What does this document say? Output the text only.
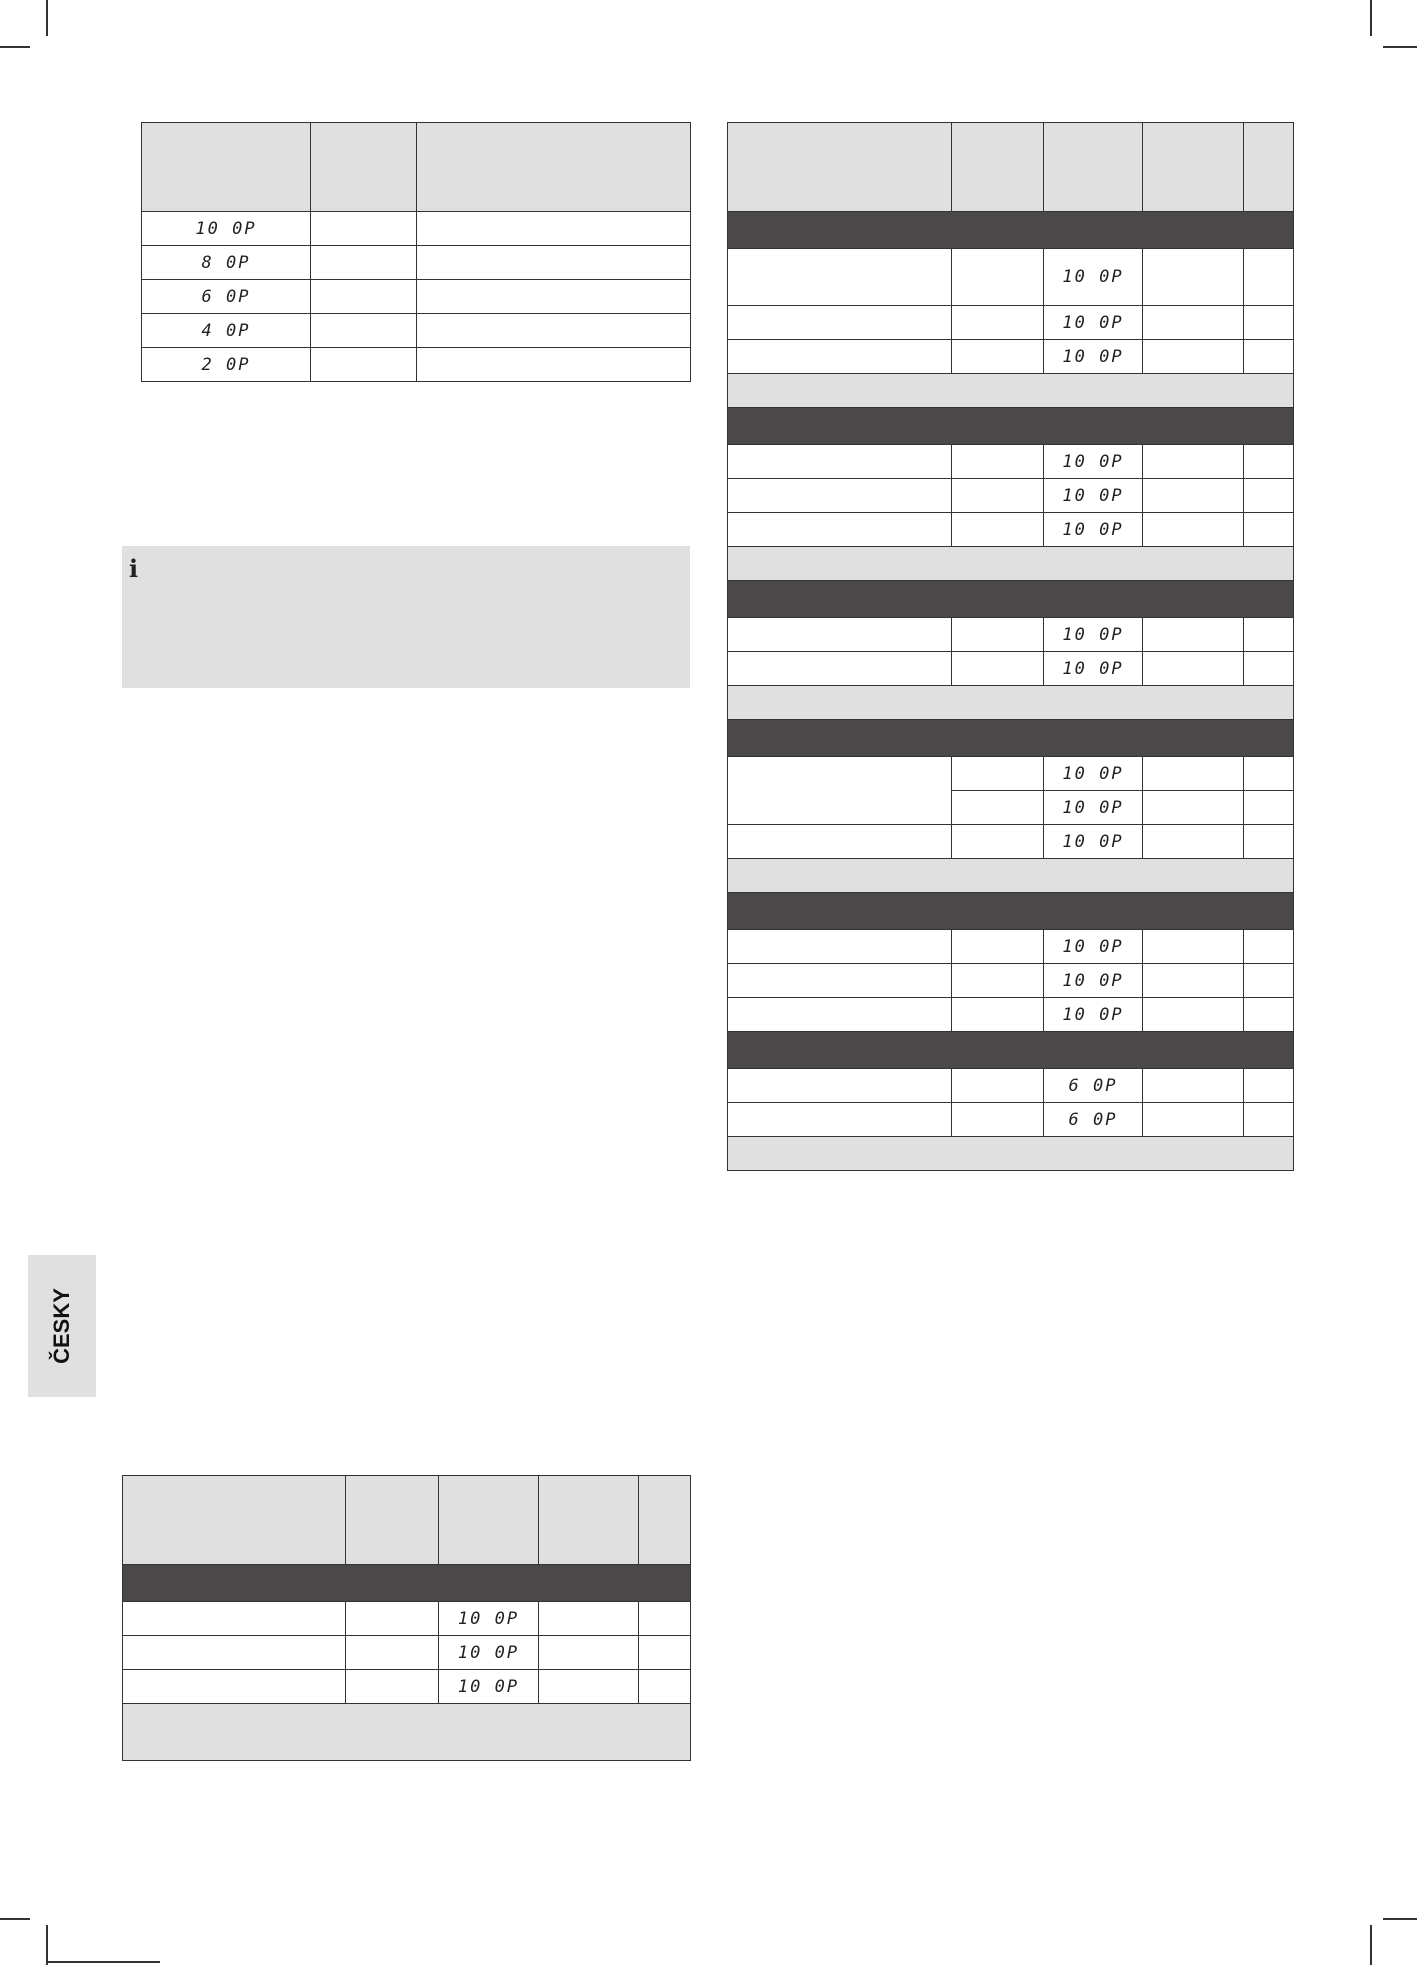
10 0P		
8 0P		
6 0P		
4 0P		
2 0P		
i
ČESKY

		10 0P		
		10 0P		
		10 0P		

		10 0P		
		10 0P		
		10 0P		

		10 0P		
		10 0P		
		10 0P		

		10 0P		
		10 0P		

		10 0P		
		10 0P		
		10 0P		

		10 0P		
		10 0P		
		10 0P		

		6 0P		
		6 0P		
